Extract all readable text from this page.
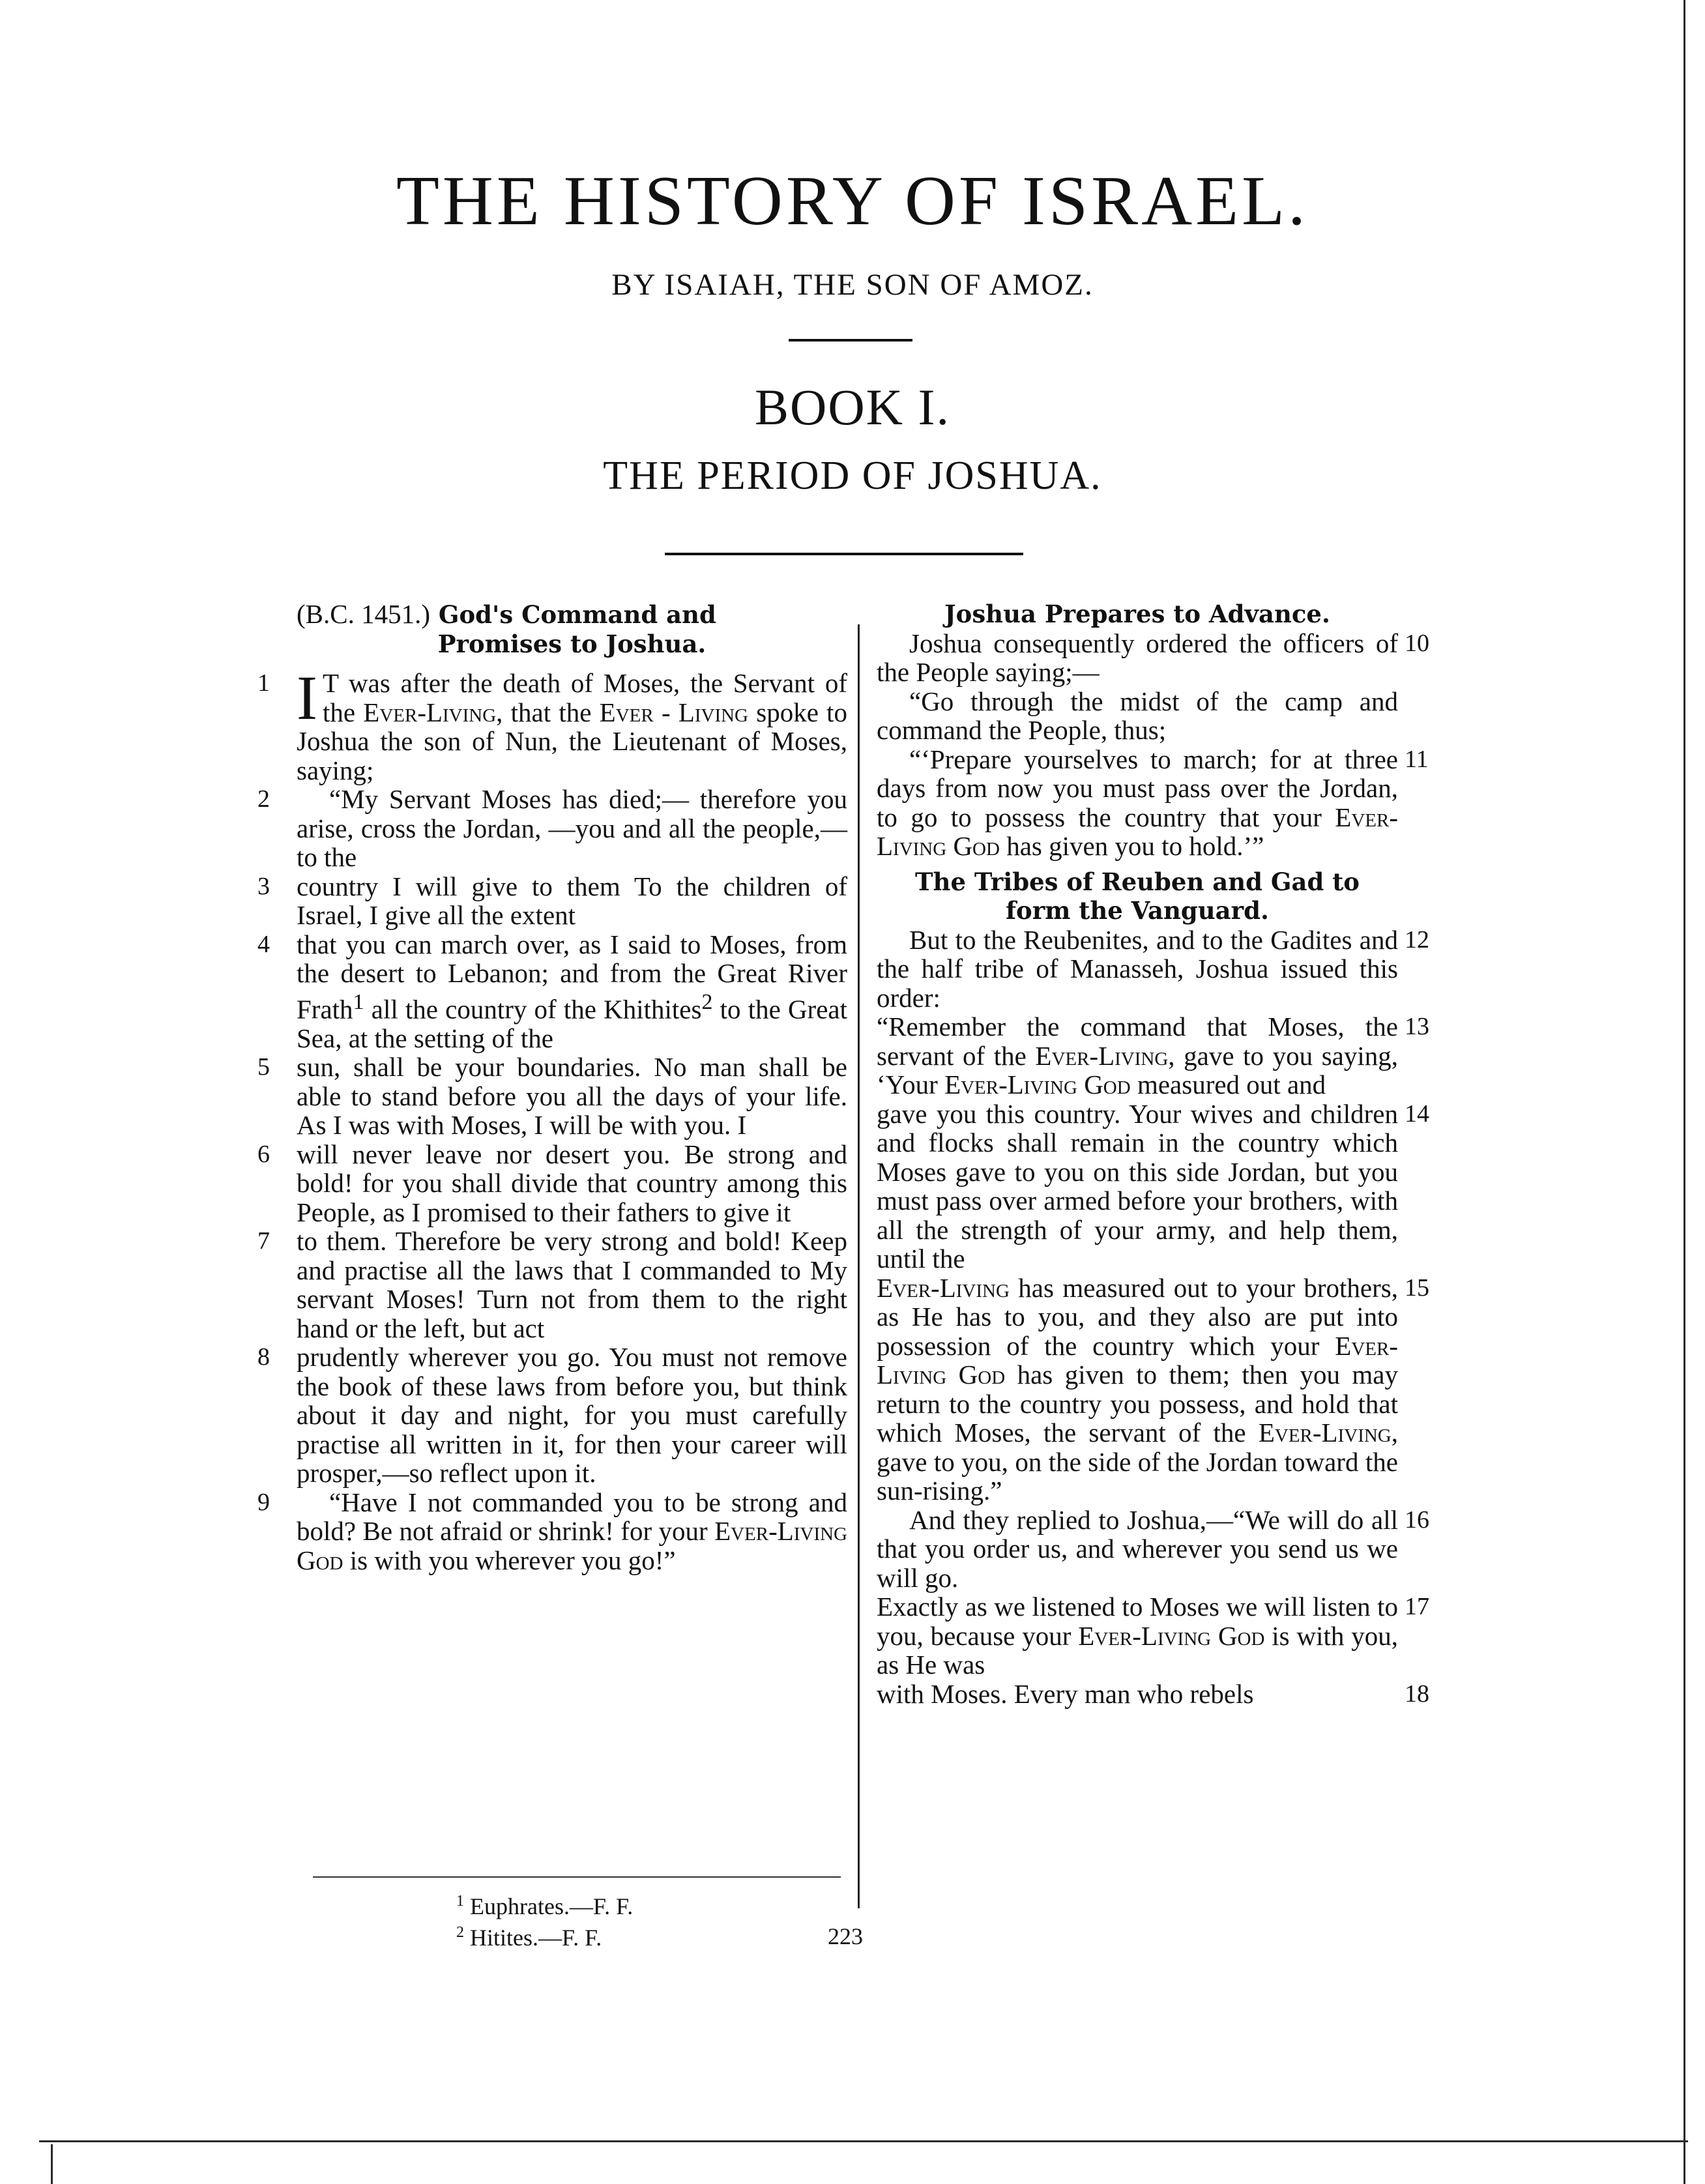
THE HISTORY OF ISRAEL.
BY ISAIAH, THE SON OF AMOZ.
BOOK I.
THE PERIOD OF JOSHUA.
(B.C. 1451.) God's Command and
Promises to Joshua.

1 I T was after the death of Moses, the Servant of the Ever-Living, that the Ever - Living spoke to Joshua the son of Nun, the Lieutenant of Moses, saying;

2 “My Servant Moses has died;— therefore you arise, cross the Jordan, —you and all the people,—to the

3 country I will give to them To the children of Israel, I give all the extent

4 that you can march over, as I said to Moses, from the desert to Lebanon; and from the Great River Frath$^1$ all the country of the Khithites$^2$ to the Great Sea, at the setting of the

5 sun, shall be your boundaries. No man shall be able to stand before you all the days of your life. As I was with Moses, I will be with you. I

6 will never leave nor desert you. Be strong and bold! for you shall divide that country among this People, as I promised to their fathers to give it

7 to them. Therefore be very strong and bold! Keep and practise all the laws that I commanded to My servant Moses! Turn not from them to the right hand or the left, but act

8 prudently wherever you go. You must not remove the book of these laws from before you, but think about it day and night, for you must carefully practise all written in it, for then your career will prosper,—so reflect upon it.

9 “Have I not commanded you to be strong and bold? Be not afraid or shrink! for your Ever-Living God is with you wherever you go!”

Joshua Prepares to Advance.

10
Joshua consequently ordered the officers of the People saying;—

“Go through the midst of the camp and command the People, thus;

11
“‘Prepare yourselves to march; for at three days from now you must pass over the Jordan, to go to possess the country that your Ever-Living God has given you to hold.’”

The Tribes of Reuben and Gad to
form the Vanguard.

12
But to the Reubenites, and to the Gadites and the half tribe of Manasseh, Joshua issued this order:

13
“Remember the command that Moses, the servant of the Ever-Living, gave to you saying, ‘Your Ever-Living God measured out and

14
gave you this country. Your wives and children and flocks shall remain in the country which Moses gave to you on this side Jordan, but you must pass over armed before your brothers, with all the strength of your army, and help them, until the

15
Ever-Living has measured out to your brothers, as He has to you, and they also are put into possession of the country which your Ever-Living God has given to them; then you may return to the country you possess, and hold that which Moses, the servant of the Ever-Living, gave to you, on the side of the Jordan toward the sun-rising.”

16
And they replied to Joshua,—“We will do all that you order us, and wherever you send us we will go.

17
Exactly as we listened to Moses we will listen to you, because your Ever-Living God is with you, as He was

18
with Moses. Every man who rebels

$^1$ Euphrates.—F. F.
$^2$ Hitites.—F. F.	223
